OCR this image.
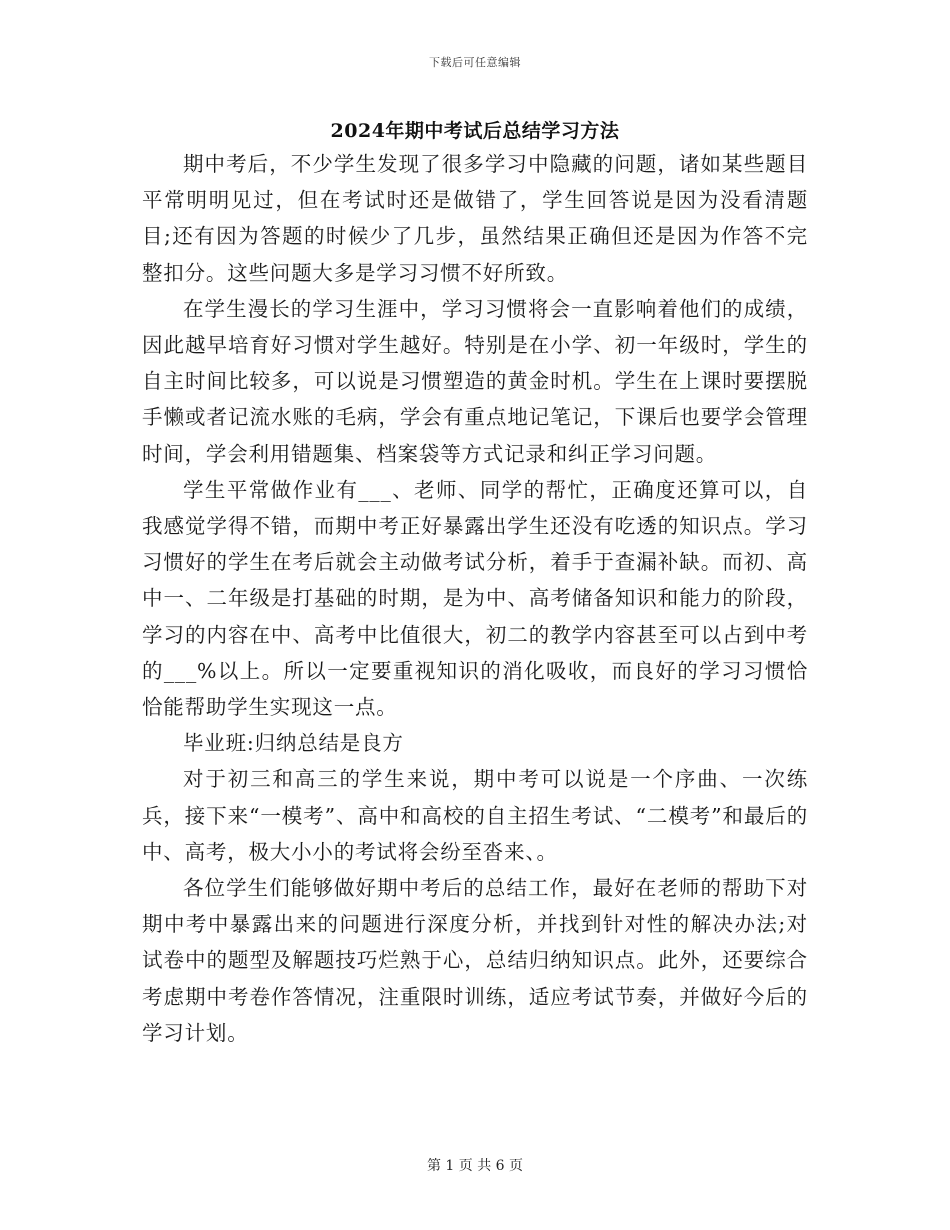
下载后可任意编辑
2024年期中考试后总结学习方法

期中考后，不少学生发现了很多学习中隐藏的问题，诸如某些题目平常明明见过，但在考试时还是做错了，学生回答说是因为没看清题目;还有因为答题的时候少了几步，虽然结果正确但还是因为作答不完整扣分。这些问题大多是学习习惯不好所致。

在学生漫长的学习生涯中，学习习惯将会一直影响着他们的成绩，因此越早培育好习惯对学生越好。特别是在小学、初一年级时，学生的自主时间比较多，可以说是习惯塑造的黄金时机。学生在上课时要摆脱手懒或者记流水账的毛病，学会有重点地记笔记，下课后也要学会管理时间，学会利用错题集、档案袋等方式记录和纠正学习问题。

学生平常做作业有___、老师、同学的帮忙，正确度还算可以，自我感觉学得不错，而期中考正好暴露出学生还没有吃透的知识点。学习习惯好的学生在考后就会主动做考试分析，着手于查漏补缺。而初、高中一、二年级是打基础的时期，是为中、高考储备知识和能力的阶段，学习的内容在中、高考中比值很大，初二的教学内容甚至可以占到中考的___%以上。所以一定要重视知识的消化吸收，而良好的学习习惯恰恰能帮助学生实现这一点。

毕业班:归纳总结是良方

对于初三和高三的学生来说，期中考可以说是一个序曲、一次练兵，接下来“一模考”、高中和高校的自主招生考试、“二模考”和最后的中、高考，极大小小的考试将会纷至沓来、。

各位学生们能够做好期中考后的总结工作，最好在老师的帮助下对期中考中暴露出来的问题进行深度分析，并找到针对性的解决办法;对试卷中的题型及解题技巧烂熟于心，总结归纳知识点。此外，还要综合考虑期中考卷作答情况，注重限时训练，适应考试节奏，并做好今后的学习计划。

第 1 页 共 6 页
